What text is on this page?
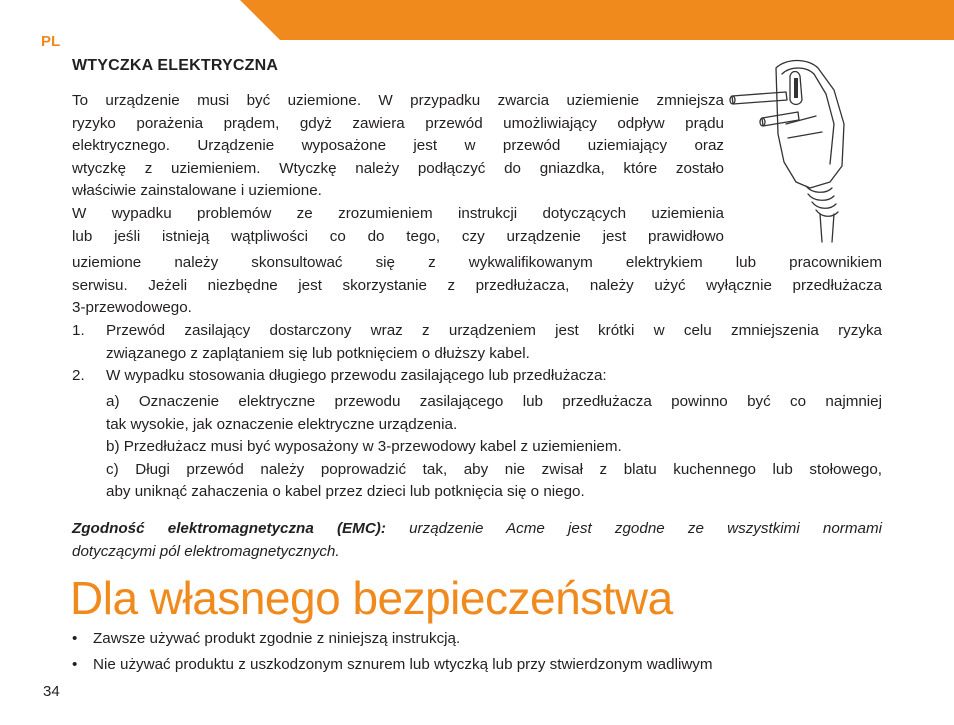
PL
WTYCZKA ELEKTRYCZNA
To urządzenie musi być uziemione. W przypadku zwarcia uziemienie zmniejsza
ryzyko porażenia prądem, gdyż zawiera przewód umożliwiający odpływ prądu
elektrycznego. Urządzenie wyposażone jest w przewód uziemiający oraz
wtyczkę z uziemieniem. Wtyczkę należy podłączyć do gniazdka, które zostało
właściwie zainstalowane i uziemione.
W wypadku problemów ze zrozumieniem instrukcji dotyczących uziemienia
lub jeśli istnieją wątpliwości co do tego, czy urządzenie jest prawidłowo
uziemione należy skonsultować się z wykwalifikowanym elektrykiem lub pracownikiem
serwisu. Jeżeli niezbędne jest skorzystanie z przedłużacza, należy użyć wyłącznie przedłużacza
3-przewodowego.
1. Przewód zasilający dostarczony wraz z urządzeniem jest krótki w celu zmniejszenia ryzyka
związanego z zaplątaniem się lub potknięciem o dłuższy kabel.
2. W wypadku stosowania długiego przewodu zasilającego lub przedłużacza:
a) Oznaczenie elektryczne przewodu zasilającego lub przedłużacza powinno być co najmniej
tak wysokie, jak oznaczenie elektryczne urządzenia.
b) Przedłużacz musi być wyposażony w 3-przewodowy kabel z uziemieniem.
c) Długi przewód należy poprowadzić tak, aby nie zwisał z blatu kuchennego lub stołowego,
aby uniknąć zahaczenia o kabel przez dzieci lub potknięcia się o niego.
Zgodność elektromagnetyczna (EMC): urządzenie Acme jest zgodne ze wszystkimi normami
dotyczącymi pól elektromagnetycznych.
Dla własnego bezpieczeństwa
• Zawsze używać produkt zgodnie z niniejszą instrukcją.
• Nie używać produktu z uszkodzonym sznurem lub wtyczką lub przy stwierdzonym wadliwym
34
